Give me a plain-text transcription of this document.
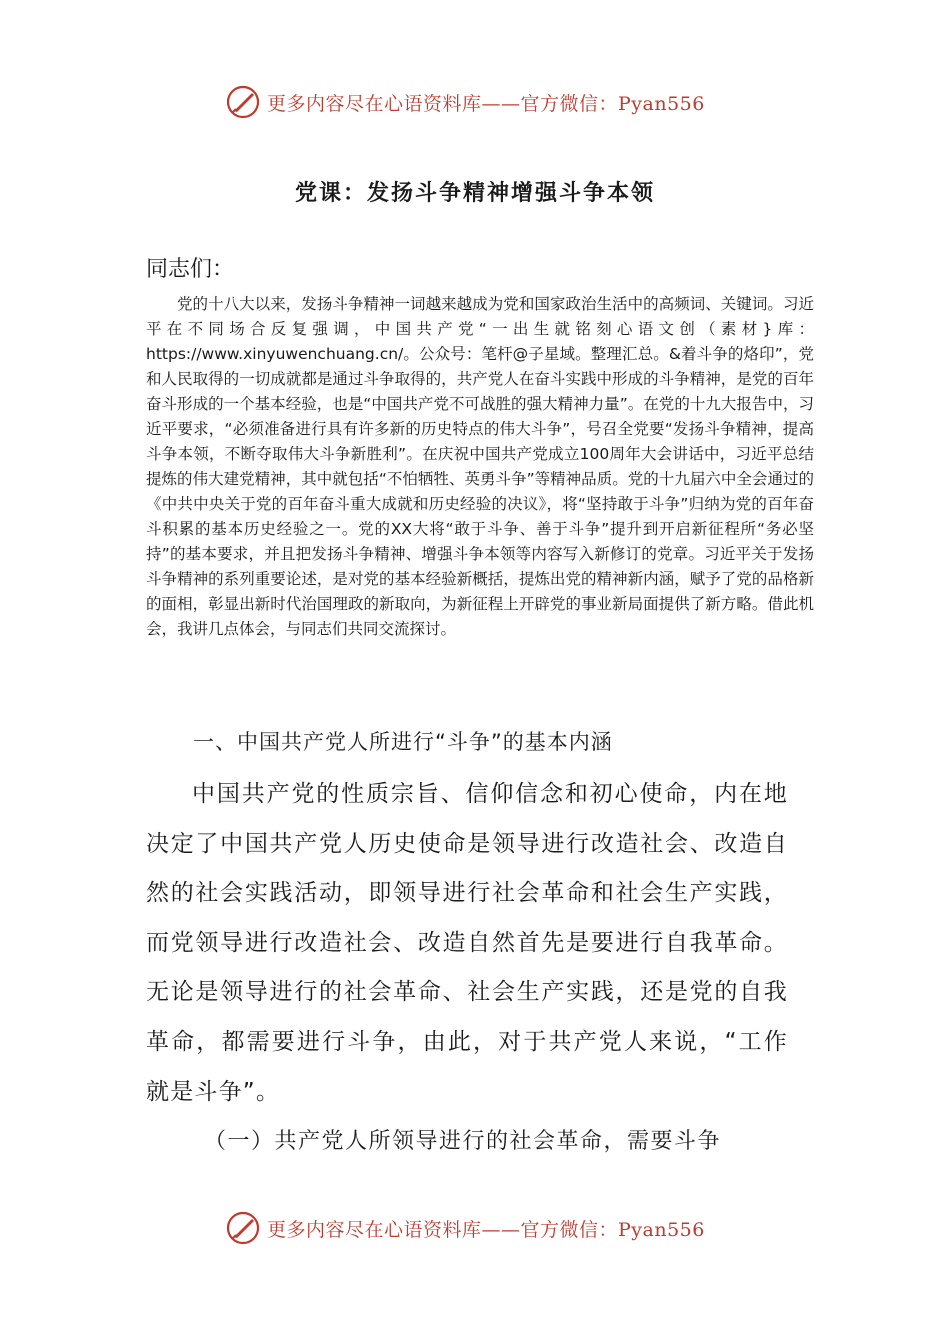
更多内容尽在心语资料库——官方微信：Pyan556
党课：发扬斗争精神增强斗争本领
同志们：
党的十八大以来，发扬斗争精神一词越来越成为党和国家政治生活中的高频词、关键词。习近平在不同场合反复强调，中国共产党“一出生就铭刻心语文创（素材}库：https://www.xinyuwenchuang.cn/。公众号：笔杆@子星域。整理汇总。&着斗争的烙印”，党和人民取得的一切成就都是通过斗争取得的，共产党人在奋斗实践中形成的斗争精神，是党的百年奋斗形成的一个基本经验，也是“中国共产党不可战胜的强大精神力量”。在党的十九大报告中，习近平要求，“必须准备进行具有许多新的历史特点的伟大斗争”，号召全党要“发扬斗争精神，提高斗争本领，不断夺取伟大斗争新胜利”。在庆祝中国共产党成立100周年大会讲话中，习近平总结提炼的伟大建党精神，其中就包括“不怕牺牲、英勇斗争”等精神品质。党的十九届六中全会通过的《中共中央关于党的百年奋斗重大成就和历史经验的决议》，将“坚持敢于斗争”归纳为党的百年奋斗积累的基本历史经验之一。党的XX大将“敢于斗争、善于斗争”提升到开启新征程所“务必坚持”的基本要求，并且把发扬斗争精神、增强斗争本领等内容写入新修订的党章。习近平关于发扬斗争精神的系列重要论述，是对党的基本经验新概括，提炼出党的精神新内涵，赋予了党的品格新的面相，彰显出新时代治国理政的新取向，为新征程上开辟党的事业新局面提供了新方略。借此机会，我讲几点体会，与同志们共同交流探讨。
一、中国共产党人所进行“斗争”的基本内涵
中国共产党的性质宗旨、信仰信念和初心使命，内在地决定了中国共产党人历史使命是领导进行改造社会、改造自然的社会实践活动，即领导进行社会革命和社会生产实践，而党领导进行改造社会、改造自然首先是要进行自我革命。无论是领导进行的社会革命、社会生产实践，还是党的自我革命，都需要进行斗争，由此，对于共产党人来说，“工作就是斗争”。
（一）共产党人所领导进行的社会革命，需要斗争
更多内容尽在心语资料库——官方微信：Pyan556
